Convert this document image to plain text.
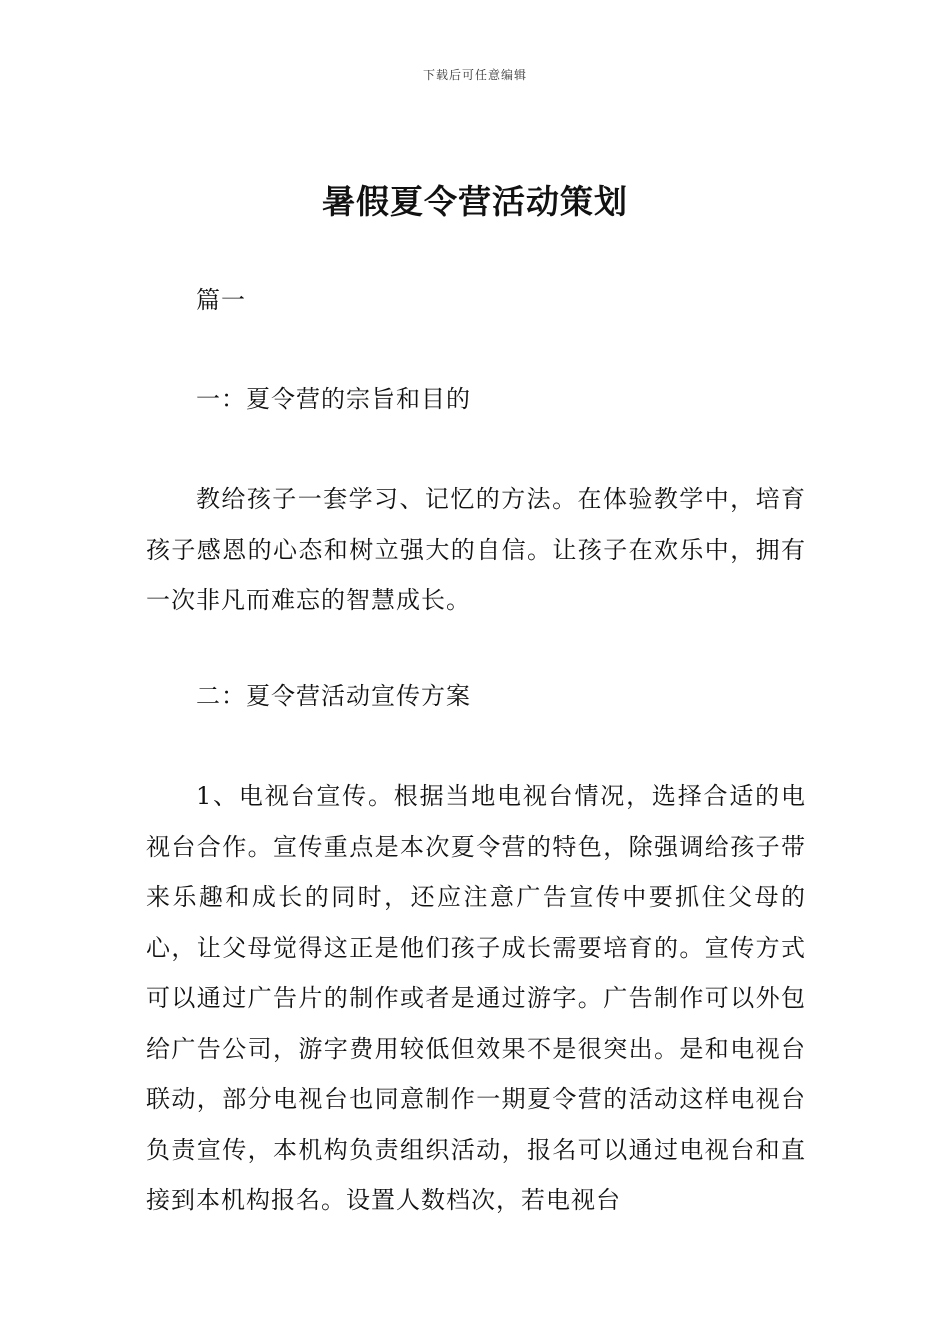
下载后可任意编辑
暑假夏令营活动策划
篇一
一：夏令营的宗旨和目的
教给孩子一套学习、记忆的方法。在体验教学中，培育孩子感恩的心态和树立强大的自信。让孩子在欢乐中，拥有一次非凡而难忘的智慧成长。
二：夏令营活动宣传方案
1、电视台宣传。根据当地电视台情况，选择合适的电视台合作。宣传重点是本次夏令营的特色，除强调给孩子带来乐趣和成长的同时，还应注意广告宣传中要抓住父母的心，让父母觉得这正是他们孩子成长需要培育的。宣传方式可以通过广告片的制作或者是通过游字。广告制作可以外包给广告公司，游字费用较低但效果不是很突出。是和电视台联动，部分电视台也同意制作一期夏令营的活动这样电视台负责宣传，本机构负责组织活动，报名可以通过电视台和直接到本机构报名。设置人数档次，若电视台
